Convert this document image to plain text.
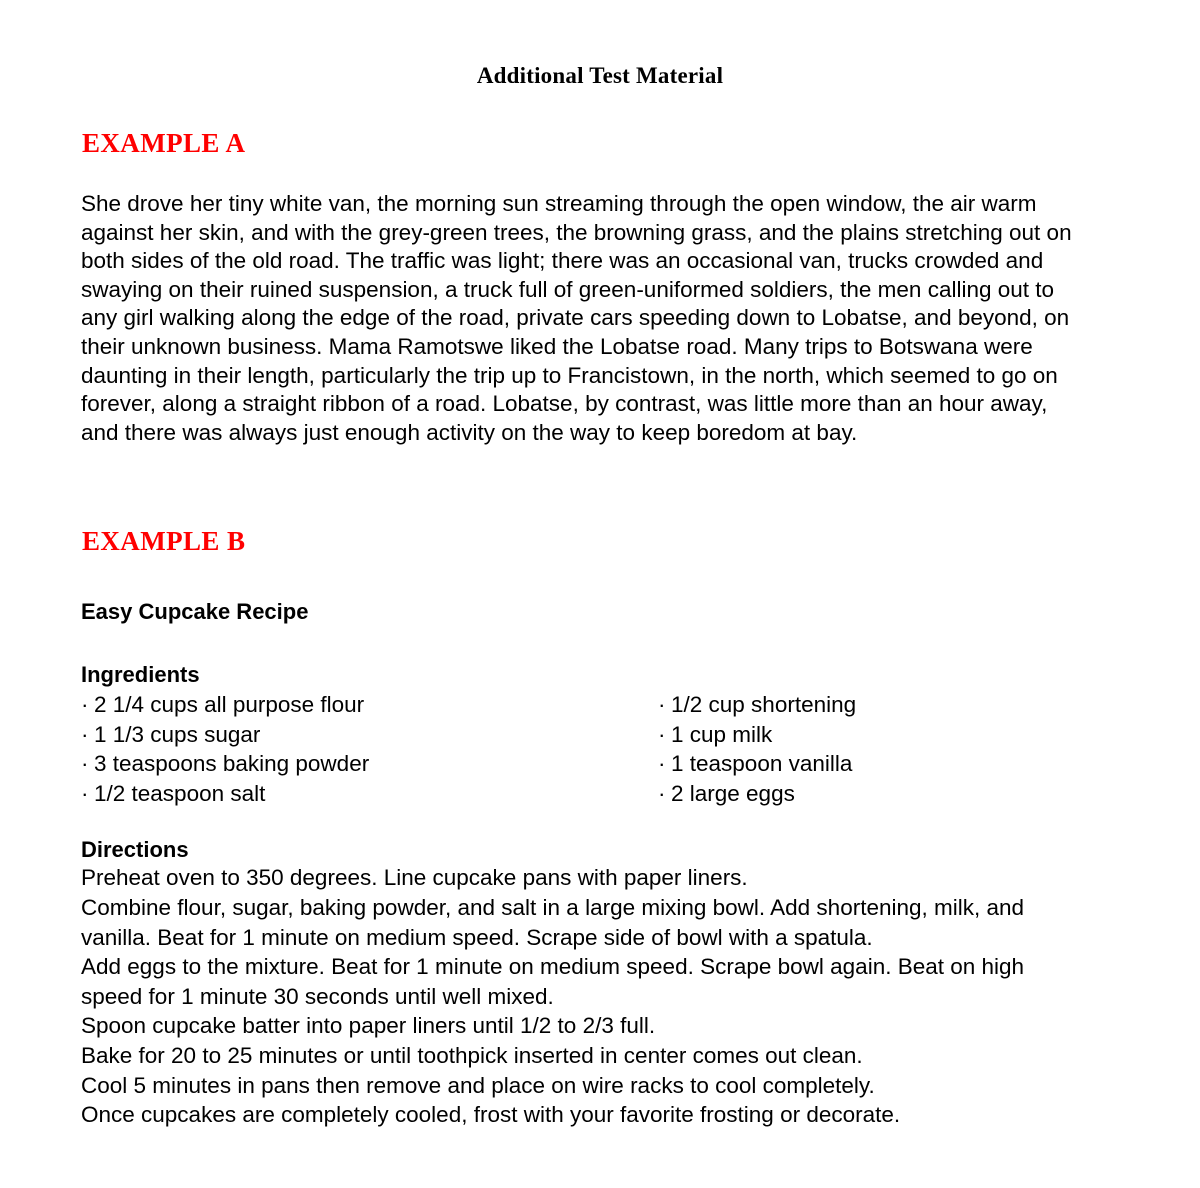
Additional Test Material
EXAMPLE A

She drove her tiny white van, the morning sun streaming through the open window, the air warm against her skin, and with the grey-green trees, the browning grass, and the plains stretching out on both sides of the old road. The traffic was light; there was an occasional van, trucks crowded and swaying on their ruined suspension, a truck full of green-uniformed soldiers, the men calling out to any girl walking along the edge of the road, private cars speeding down to Lobatse, and beyond, on their unknown business. Mama Ramotswe liked the Lobatse road. Many trips to Botswana were daunting in their length, particularly the trip up to Francistown, in the north, which seemed to go on forever, along a straight ribbon of a road. Lobatse, by contrast, was little more than an hour away, and there was always just enough activity on the way to keep boredom at bay.

EXAMPLE B
Easy Cupcake Recipe
Ingredients
· 2 1/4 cups all purpose flour
· 1 1/3 cups sugar
· 3 teaspoons baking powder
· 1/2 teaspoon salt
· 1/2 cup shortening
· 1 cup milk
· 1 teaspoon vanilla
· 2 large eggs
Directions
Preheat oven to 350 degrees. Line cupcake pans with paper liners.
Combine flour, sugar, baking powder, and salt in a large mixing bowl. Add shortening, milk, and vanilla. Beat for 1 minute on medium speed. Scrape side of bowl with a spatula.
Add eggs to the mixture. Beat for 1 minute on medium speed. Scrape bowl again. Beat on high speed for 1 minute 30 seconds until well mixed.
Spoon cupcake batter into paper liners until 1/2 to 2/3 full.
Bake for 20 to 25 minutes or until toothpick inserted in center comes out clean.
Cool 5 minutes in pans then remove and place on wire racks to cool completely.
Once cupcakes are completely cooled, frost with your favorite frosting or decorate.
